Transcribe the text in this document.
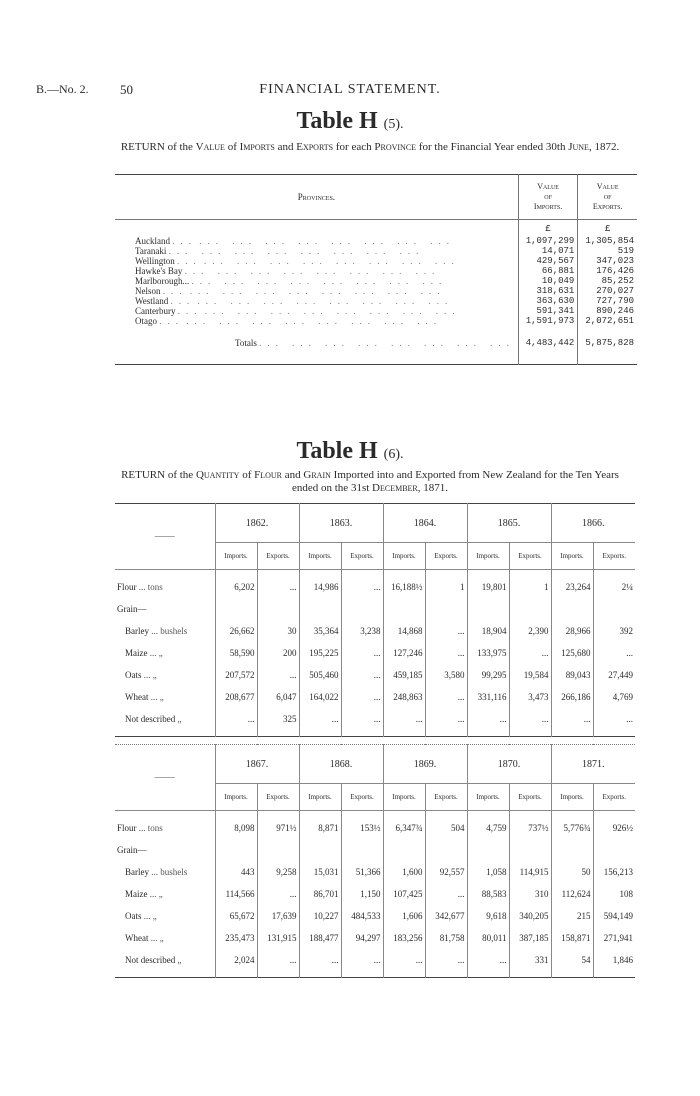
B.—No. 2. 50	FINANCIAL STATEMENT.
Table H (5).
RETURN of the Value of Imports and Exports for each Province for the Financial Year ended 30th June, 1872.
Provinces.	Value
of
Imports.	Value
of
Exports.
	£	£
Auckland ... ... ... ... ... ... ... ... ...	1,097,299	1,305,854
Taranaki ... ... ... ... ... ... ... ...	14,071	519
Wellington ... ... ... ... ... ... ... ... ...	429,567	347,023
Hawke's Bay ... ... ... ... ... ... ... ...	66,881	176,426
Marlborough... ... ... ... ... ... ... ... ...	10,049	85,252
Nelson ... ... ... ... ... ... ... ... ...	318,631	270,027
Westland ... ... ... ... ... ... ... ... ...	363,630	727,790
Canterbury ... ... ... ... ... ... ... ... ...	591,341	890,246
Otago ... ... ... ... ... ... ... ... ...	1,591,973	2,072,651

Totals ... ... ... ... ... ... ... ...	4,483,442	5,875,828

Table H (6).
RETURN of the Quantity of Flour and Grain Imported into and Exported from New Zealand for the Ten Years ended on the 31st December, 1871.
——	1862.		1863.		1864.		1865.		1866.	
	Imports.	Exports.	Imports.	Exports.	Imports.	Exports.	Imports.	Exports.	Imports.	Exports.

Flour ... tons	6,202	...	14,986	...	16,188½	1	19,801	1	23,264	2¼
Grain—										
Barley ... bushels	26,662	30	35,364	3,238	14,868	...	18,904	2,390	28,966	392
Maize ... „	58,590	200	195,225	...	127,246	...	133,975	...	125,680	...
Oats ... „	207,572	...	505,460	...	459,185	3,580	99,295	19,584	89,043	27,449
Wheat ... „	208,677	6,047	164,022	...	248,863	...	331,116	3,473	266,186	4,769
Not described „	...	325	...	...	...	...	...	...	...	...

——	1867.		1868.		1869.		1870.		1871.	
	Imports.	Exports.	Imports.	Exports.	Imports.	Exports.	Imports.	Exports.	Imports.	Exports.

Flour ... tons	8,098	971½	8,871	153½	6,347¾	504	4,759	737½	5,776¾	926½
Grain—										
Barley ... bushels	443	9,258	15,031	51,366	1,600	92,557	1,058	114,915	50	156,213
Maize ... „	114,566	...	86,701	1,150	107,425	...	88,583	310	112,624	108
Oats ... „	65,672	17,639	10,227	484,533	1,606	342,677	9,618	340,205	215	594,149
Wheat ... „	235,473	131,915	188,477	94,297	183,256	81,758	80,011	387,185	158,871	271,941
Not described „	2,024	...	...	...	...	...	...	331	54	1,846
